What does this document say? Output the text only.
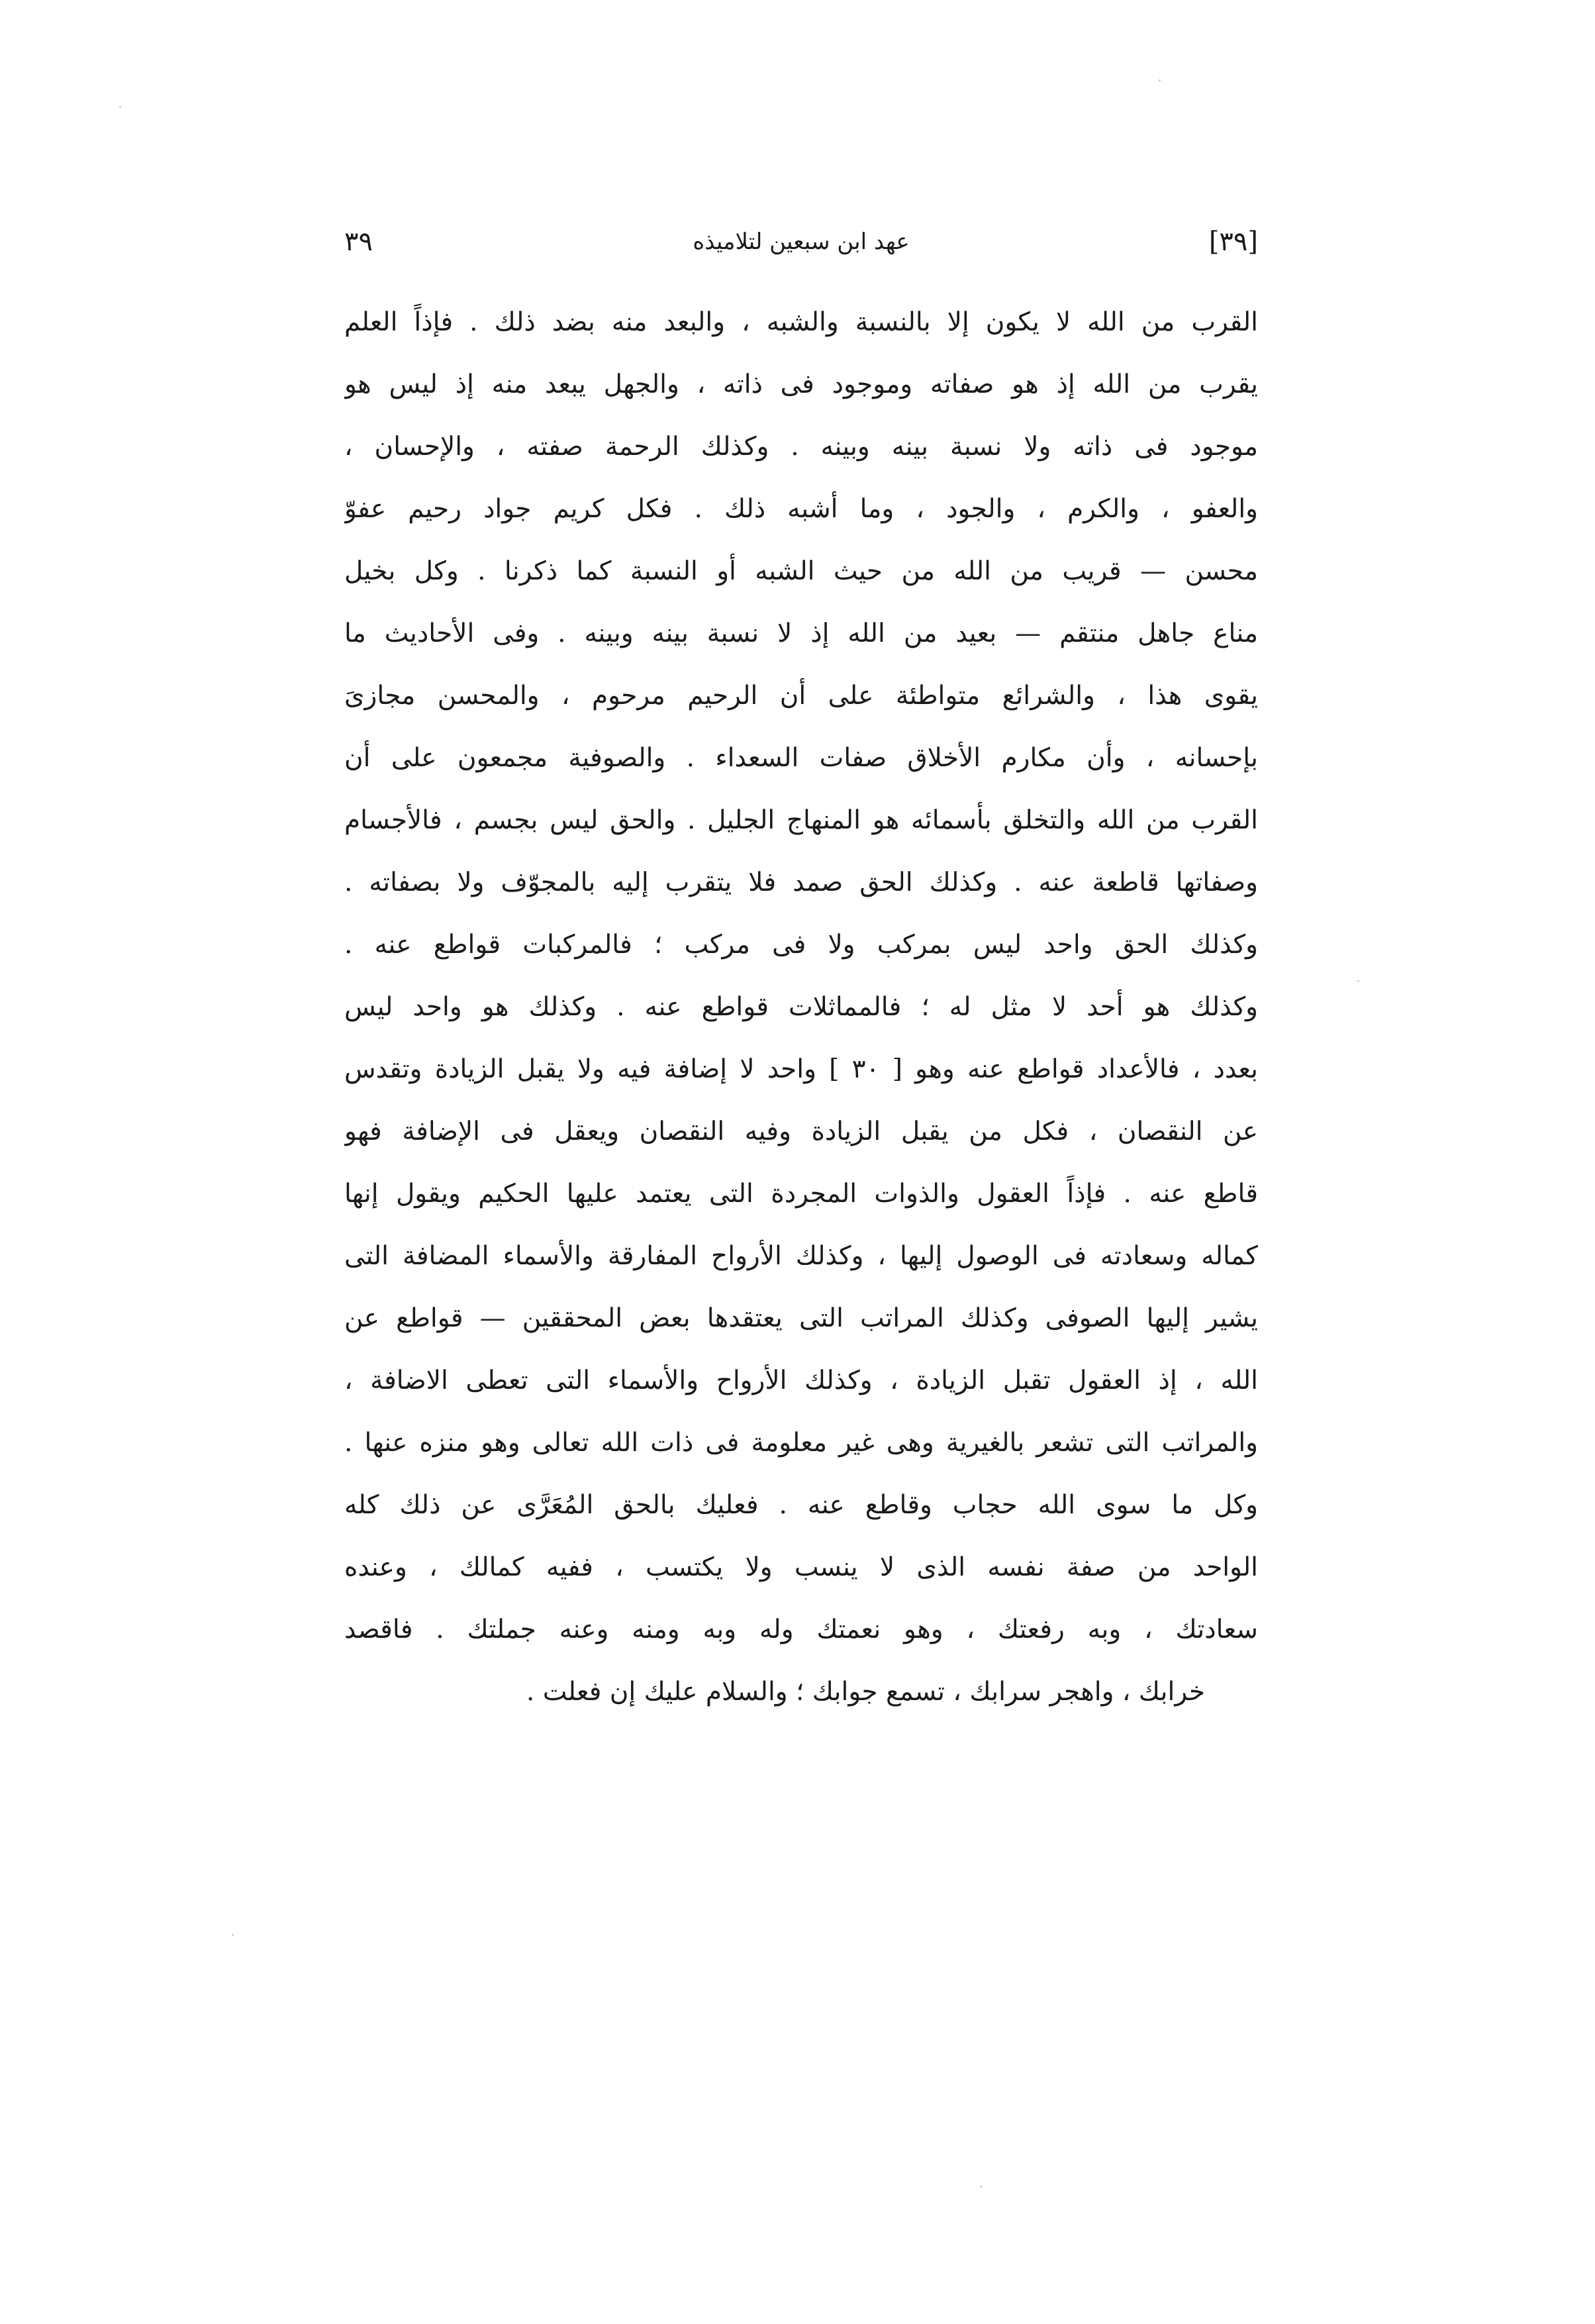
[٣٩]
عهد ابن سبعين لتلاميذه
٣٩
القرب من الله لا يكون إلا بالنسبة والشبه ، والبعد منه بضد ذلك . فإذاً العلم
يقرب من الله إذ هو صفاته وموجود فى ذاته ، والجهل يبعد منه إذ ليس هو
موجود فى ذاته ولا نسبة بينه وبينه . وكذلك الرحمة صفته ، والإحسان ،
والعفو ، والكرم ، والجود ، وما أشبه ذلك . فكل كريم جواد رحيم عفوّ
محسن — قريب من الله من حيث الشبه أو النسبة كما ذكرنا . وكل بخيل
مناع جاهل منتقم — بعيد من الله إذ لا نسبة بينه وبينه . وفى الأحاديث ما
يقوى هذا ، والشرائع متواطئة على أن الرحيم مرحوم ، والمحسن مجازىَ
بإحسانه ، وأن مكارم الأخلاق صفات السعداء . والصوفية مجمعون على أن
القرب من الله والتخلق بأسمائه هو المنهاج الجليل . والحق ليس بجسم ، فالأجسام
وصفاتها قاطعة عنه . وكذلك الحق صمد فلا يتقرب إليه بالمجوّف ولا بصفاته .
وكذلك الحق واحد ليس بمركب ولا فى مركب ؛ فالمركبات قواطع عنه .
وكذلك هو أحد لا مثل له ؛ فالمماثلات قواطع عنه . وكذلك هو واحد ليس
بعدد ، فالأعداد قواطع عنه وهو [ ٣٠ ] واحد لا إضافة فيه ولا يقبل الزيادة وتقدس
عن النقصان ، فكل من يقبل الزيادة وفيه النقصان ويعقل فى الإضافة فهو
قاطع عنه . فإذاً العقول والذوات المجردة التى يعتمد عليها الحكيم ويقول إنها
كماله وسعادته فى الوصول إليها ، وكذلك الأرواح المفارقة والأسماء المضافة التى
يشير إليها الصوفى وكذلك المراتب التى يعتقدها بعض المحققين — قواطع عن
الله ، إذ العقول تقبل الزيادة ، وكذلك الأرواح والأسماء التى تعطى الاضافة ،
والمراتب التى تشعر بالغيرية وهى غير معلومة فى ذات الله تعالى وهو منزه عنها .
وكل ما سوى الله حجاب وقاطع عنه . فعليك بالحق المُعَرَّى عن ذلك كله
الواحد من صفة نفسه الذى لا ينسب ولا يكتسب ، ففيه كمالك ، وعنده
سعادتك ، وبه رفعتك ، وهو نعمتك وله وبه ومنه وعنه جملتك . فاقصد
خرابك ، واهجر سرابك ، تسمع جوابك ؛ والسلام عليك إن فعلت .
